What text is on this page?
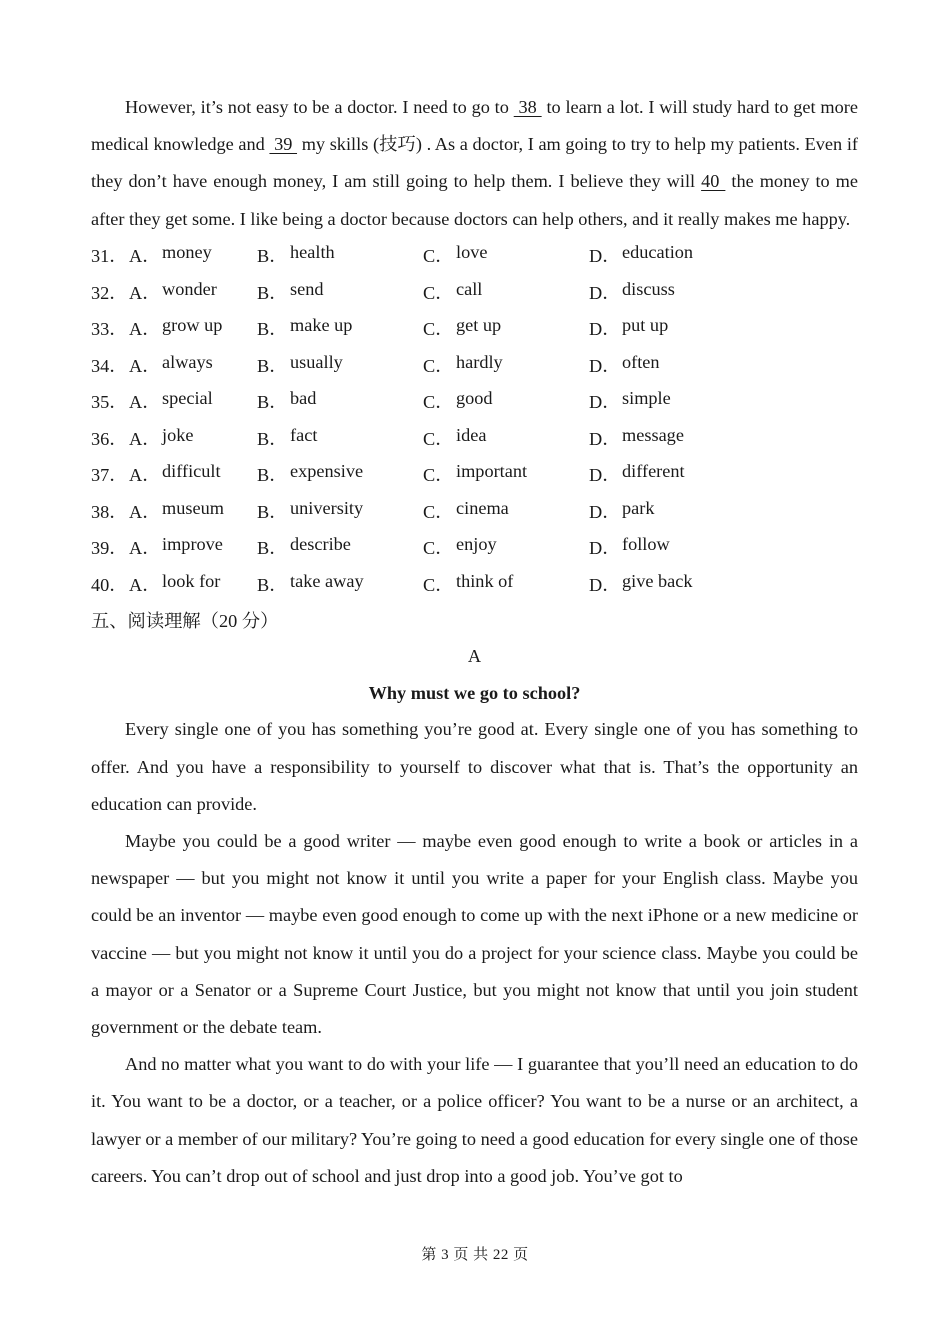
However, it’s not easy to be a doctor. I need to go to  38  to learn a lot. I will study hard to get more medical knowledge and  39  my skills (技巧) . As a doctor, I am going to try to help my patients. Even if they don’t have enough money, I am still going to help them. I believe they will 40  the money to me after they get some. I like being a doctor because doctors can help others, and it really makes me happy.

31． A． money B． health	C． love	D． education
32． A． wonder B． send	C． call	D． discuss
33． A． grow up B． make up	C． get up	D． put up
34． A． always B． usually	C． hardly	D． often
35． A． special B． bad	C． good	D． simple
36． A． joke	B． fact	C． idea	D． message
37． A． difficult B． expensive	C． important	D． different
38． A． museum B． university	C． cinema	D． park
39． A． improve B． describe	C． enjoy	D． follow
40． A． look for B． take away	C． think of	D． give back
五、阅读理解（20 分）
A
Why must we go to school?

Every single one of you has something you’re good at. Every single one of you has something to offer. And you have a responsibility to yourself to discover what that is. That’s the opportunity an education can provide.

Maybe you could be a good writer — maybe even good enough to write a book or articles in a newspaper — but you might not know it until you write a paper for your English class. Maybe you could be an inventor — maybe even good enough to come up with the next iPhone or a new medicine or vaccine — but you might not know it until you do a project for your science class. Maybe you could be a mayor or a Senator or a Supreme Court Justice, but you might not know that until you join student government or the debate team.

And no matter what you want to do with your life — I guarantee that you’ll need an education to do it. You want to be a doctor, or a teacher, or a police officer? You want to be a nurse or an architect, a lawyer or a member of our military? You’re going to need a good education for every single one of those careers. You can’t drop out of school and just drop into a good job. You’ve got to

第 3 页 共 22 页
